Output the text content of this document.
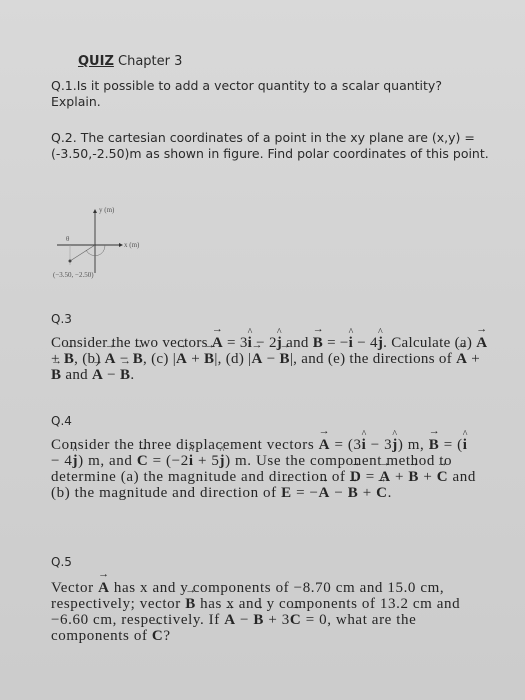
QUIZ Chapter 3
Q.1.Is it possible to add a vector quantity to a scalar quantity? Explain.
Q.2. The cartesian coordinates of a point in the xy plane are (x,y) = (-3.50,-2.50)m as shown in figure. Find polar coordinates of this point.
y (m)
x (m)
θ
(−3.50, −2.50)
Q.3
Consider the two vectors → A = 3^ i − 2^ j and → B = −^ i − 4^ j. Calculate (a) → A + → B, (b) → A − → B, (c) |→ A + → B|, (d) |→ A − → B|, and (e) the directions of → A + → B and → A − → B.
Q.4
Consider the three displacement vectors → A = (3^ i − 3^ j) m, → B = (^ i − 4^ j) m, and → C = (−2^ i + 5^ j) m. Use the component method to determine (a) the magnitude and direction of → D = → A + → B + → C and (b) the magnitude and direction of → E = −→ A − → B + → C.
Q.5
Vector → A has x and y components of −8.70 cm and 15.0 cm, respectively; vector → B has x and y components of 13.2 cm and −6.60 cm, respectively. If → A − → B + 3→ C = 0, what are the components of → C?
